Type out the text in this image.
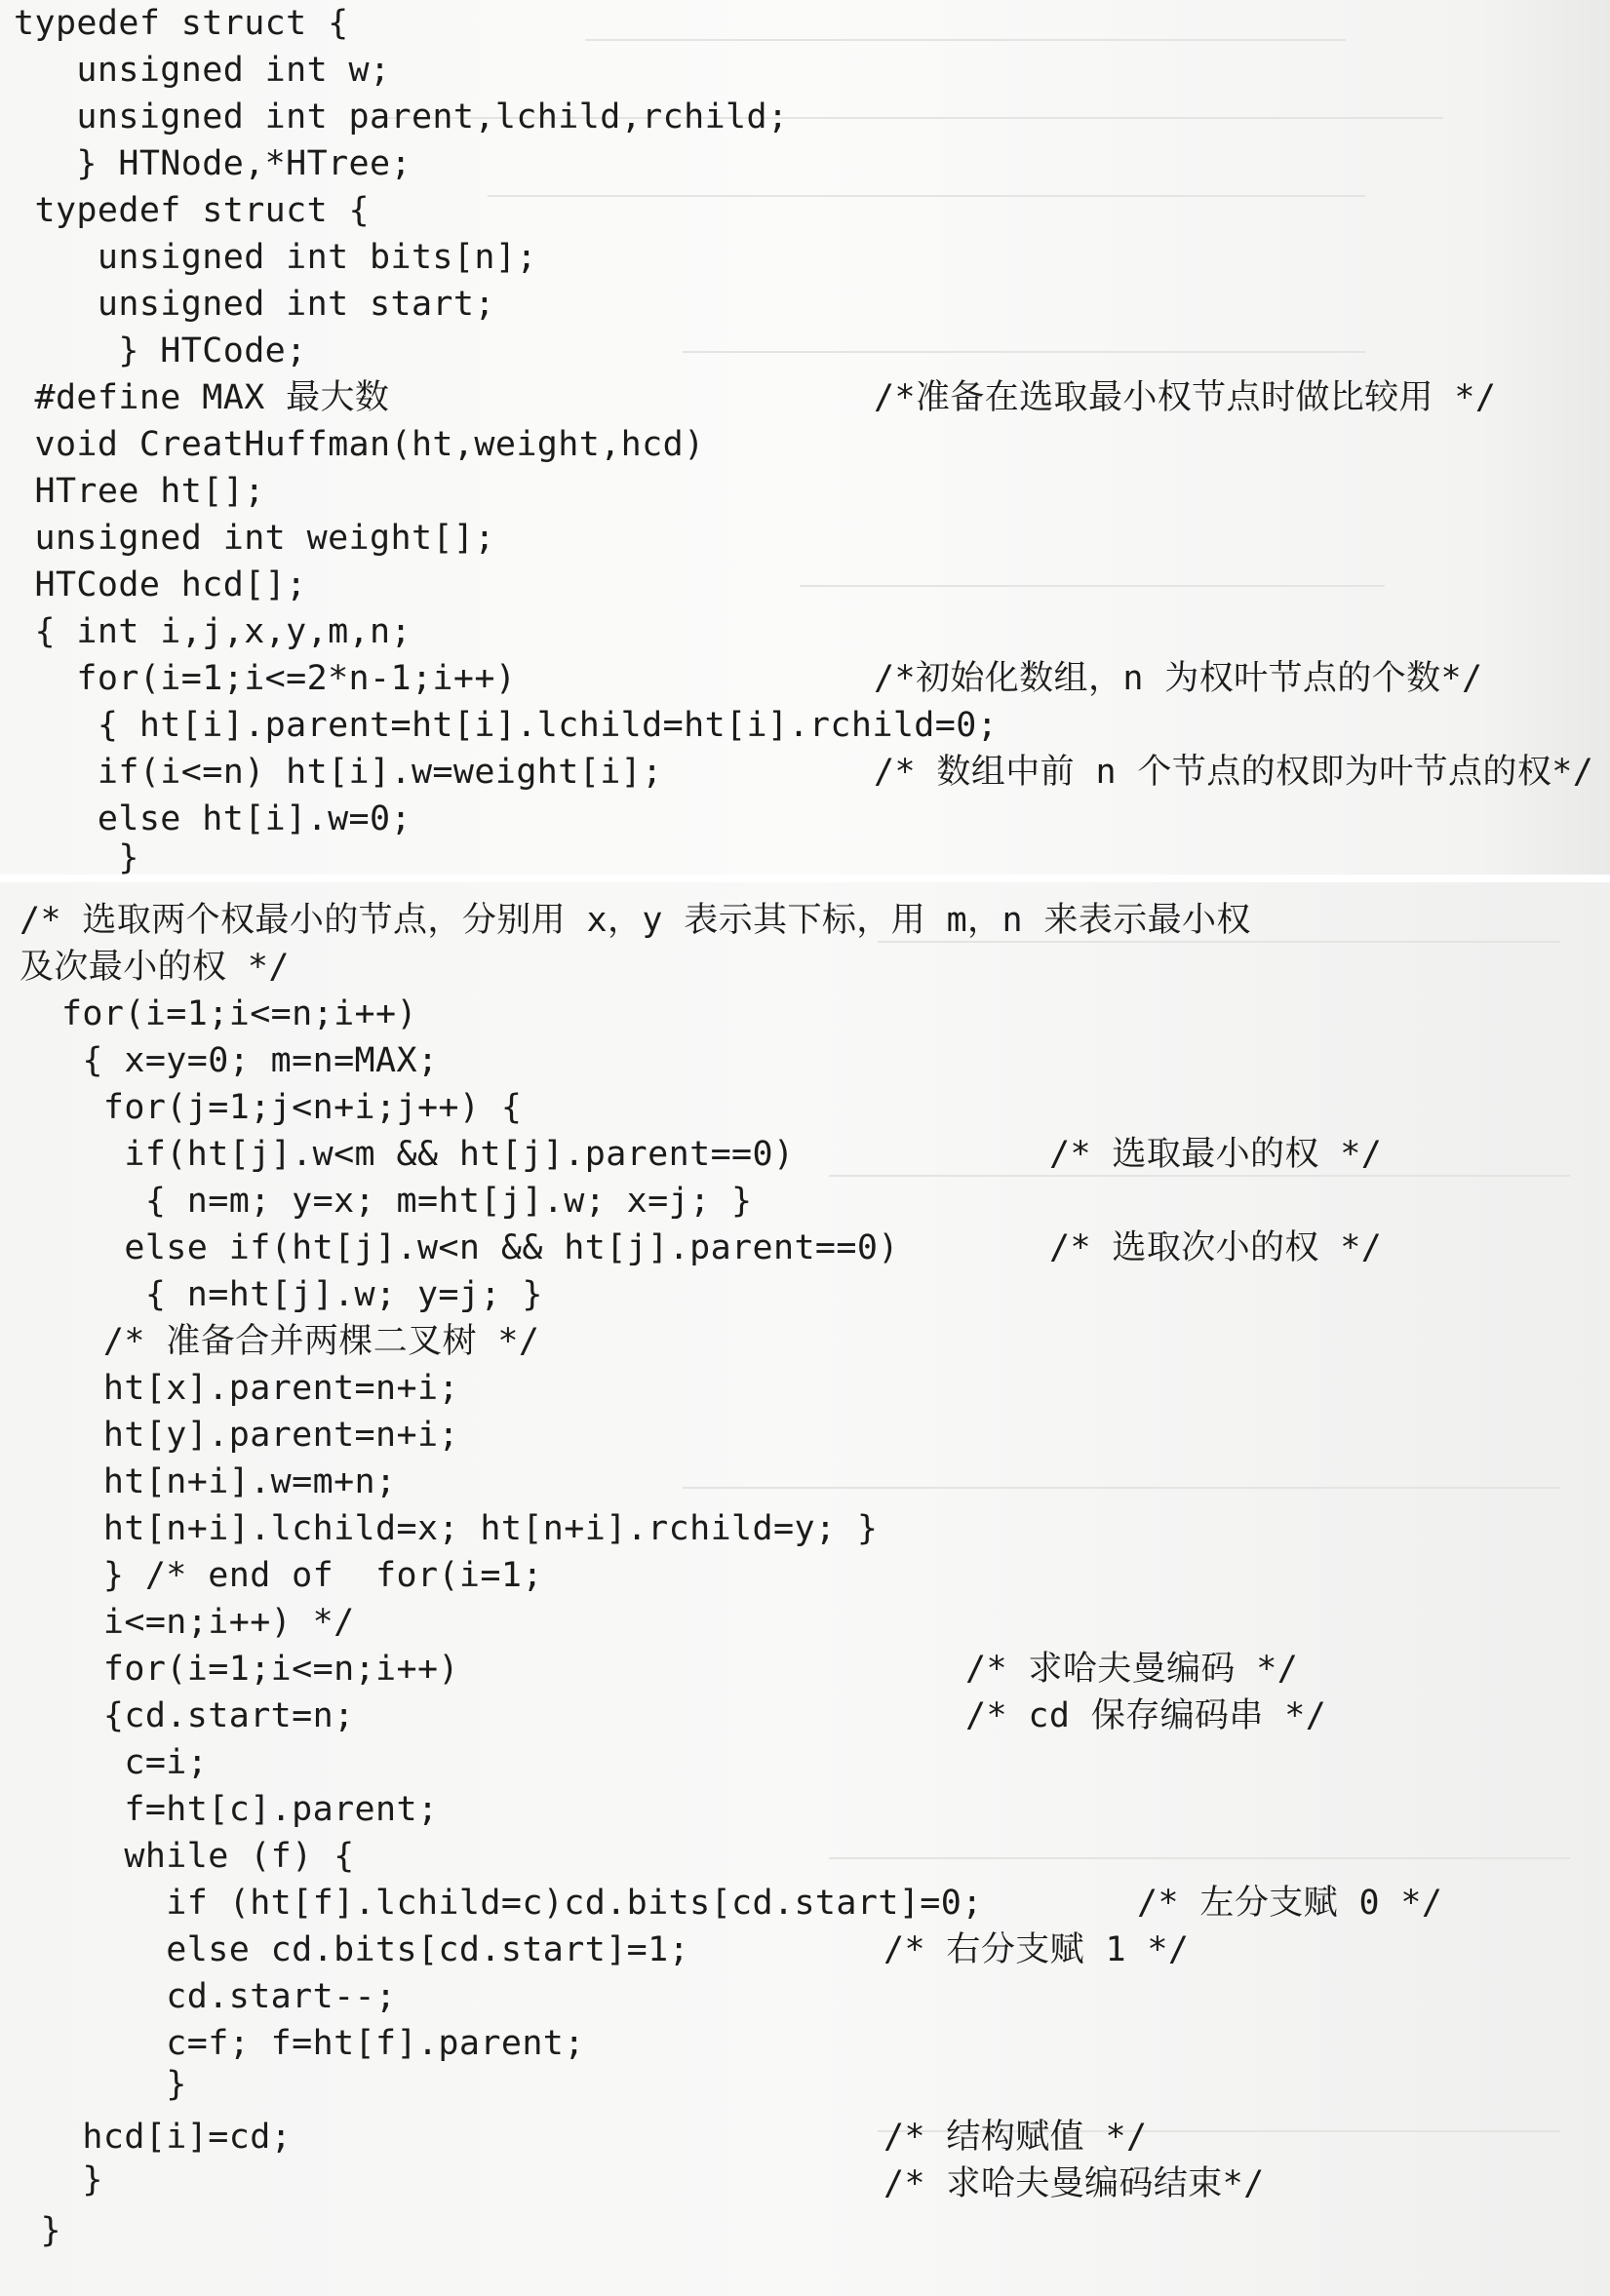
typedef struct {
unsigned int w;
unsigned int parent,lchild,rchild;
} HTNode,*HTree;
typedef struct {
unsigned int bits[n];
unsigned int start;
} HTCode;
#define MAX 最大数
void CreatHuffman(ht,weight,hcd)
HTree ht[];
unsigned int weight[];
HTCode hcd[];
{ int i,j,x,y,m,n;
for(i=1;i<=2*n-1;i++)
{ ht[i].parent=ht[i].lchild=ht[i].rchild=0;
if(i<=n) ht[i].w=weight[i];
else ht[i].w=0;
}
/*准备在选取最小权节点时做比较用 */
/*初始化数组，n 为权叶节点的个数*/
/* 数组中前 n 个节点的权即为叶节点的权*/
/* 选取两个权最小的节点，分别用 x，y 表示其下标，用 m，n 来表示最小权
及次最小的权 */
for(i=1;i<=n;i++)
{ x=y=0; m=n=MAX;
for(j=1;j<n+i;j++) {
if(ht[j].w<m && ht[j].parent==0)
{ n=m; y=x; m=ht[j].w; x=j; }
else if(ht[j].w<n && ht[j].parent==0)
{ n=ht[j].w; y=j; }
/* 准备合并两棵二叉树 */
ht[x].parent=n+i;
ht[y].parent=n+i;
ht[n+i].w=m+n;
ht[n+i].lchild=x; ht[n+i].rchild=y; }
} /* end of  for(i=1;
i<=n;i++) */
for(i=1;i<=n;i++)
{cd.start=n;
c=i;
f=ht[c].parent;
while (f) {
if (ht[f].lchild=c)cd.bits[cd.start]=0;
else cd.bits[cd.start]=1;
cd.start--;
c=f; f=ht[f].parent;
}
hcd[i]=cd;
}
}
/* 选取最小的权 */
/* 选取次小的权 */
/* 求哈夫曼编码 */
/* cd 保存编码串 */
/* 左分支赋 0 */
/* 右分支赋 1 */
/* 结构赋值 */
/* 求哈夫曼编码结束*/
